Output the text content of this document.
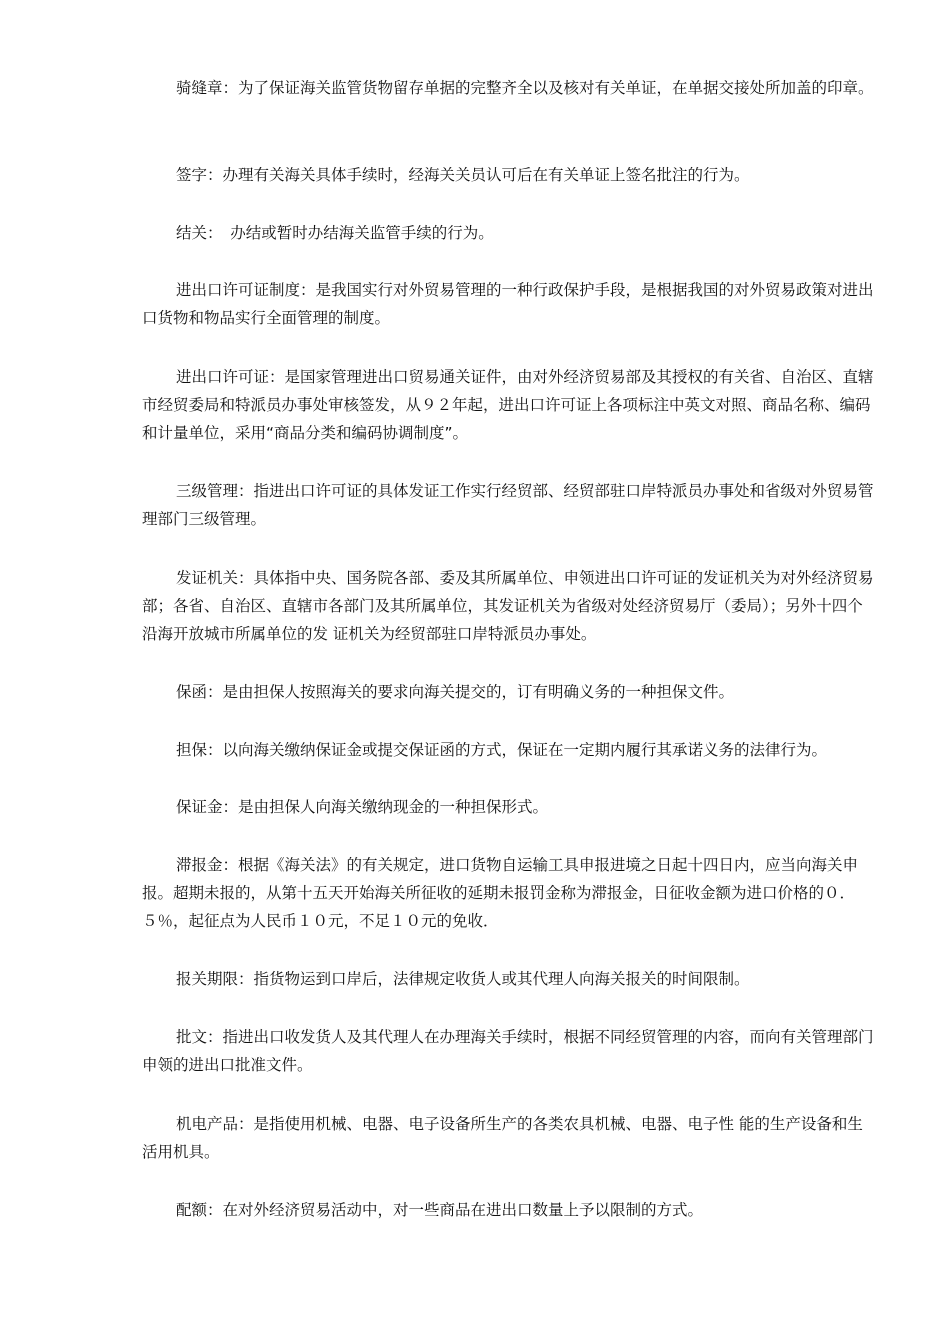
骑缝章：为了保证海关监管货物留存单据的完整齐全以及核对有关单证，在单据交接处所加盖的印章。

签字：办理有关海关具体手续时，经海关关员认可后在有关单证上签名批注的行为。

结关：　办结或暂时办结海关监管手续的行为。

进出口许可证制度：是我国实行对外贸易管理的一种行政保护手段，是根据我国的对外贸易政策对进出口货物和物品实行全面管理的制度。

进出口许可证：是国家管理进出口贸易通关证件，由对外经济贸易部及其授权的有关省、自治区、直辖市经贸委局和特派员办事处审核签发，从９２年起，进出口许可证上各项标注中英文对照、商品名称、编码和计量单位，采用“商品分类和编码协调制度”。

三级管理：指进出口许可证的具体发证工作实行经贸部、经贸部驻口岸特派员办事处和省级对外贸易管理部门三级管理。

发证机关：具体指中央、国务院各部、委及其所属单位、申领进出口许可证的发证机关为对外经济贸易部；各省、自治区、直辖市各部门及其所属单位，其发证机关为省级对处经济贸易厅（委局）；另外十四个沿海开放城市所属单位的发 证机关为经贸部驻口岸特派员办事处。

保函：是由担保人按照海关的要求向海关提交的，订有明确义务的一种担保文件。

担保：以向海关缴纳保证金或提交保证函的方式，保证在一定期内履行其承诺义务的法律行为。

保证金：是由担保人向海关缴纳现金的一种担保形式。

滞报金：根据《海关法》的有关规定，进口货物自运输工具申报进境之日起十四日内，应当向海关申报。超期未报的，从第十五天开始海关所征收的延期未报罚金称为滞报金，日征收金额为进口价格的０．５％，起征点为人民币１０元，不足１０元的免收．

报关期限：指货物运到口岸后，法律规定收货人或其代理人向海关报关的时间限制。

批文：指进出口收发货人及其代理人在办理海关手续时，根据不同经贸管理的内容，而向有关管理部门申领的进出口批准文件。

机电产品：是指使用机械、电器、电子设备所生产的各类农具机械、电器、电子性 能的生产设备和生活用机具。

配额：在对外经济贸易活动中，对一些商品在进出口数量上予以限制的方式。
